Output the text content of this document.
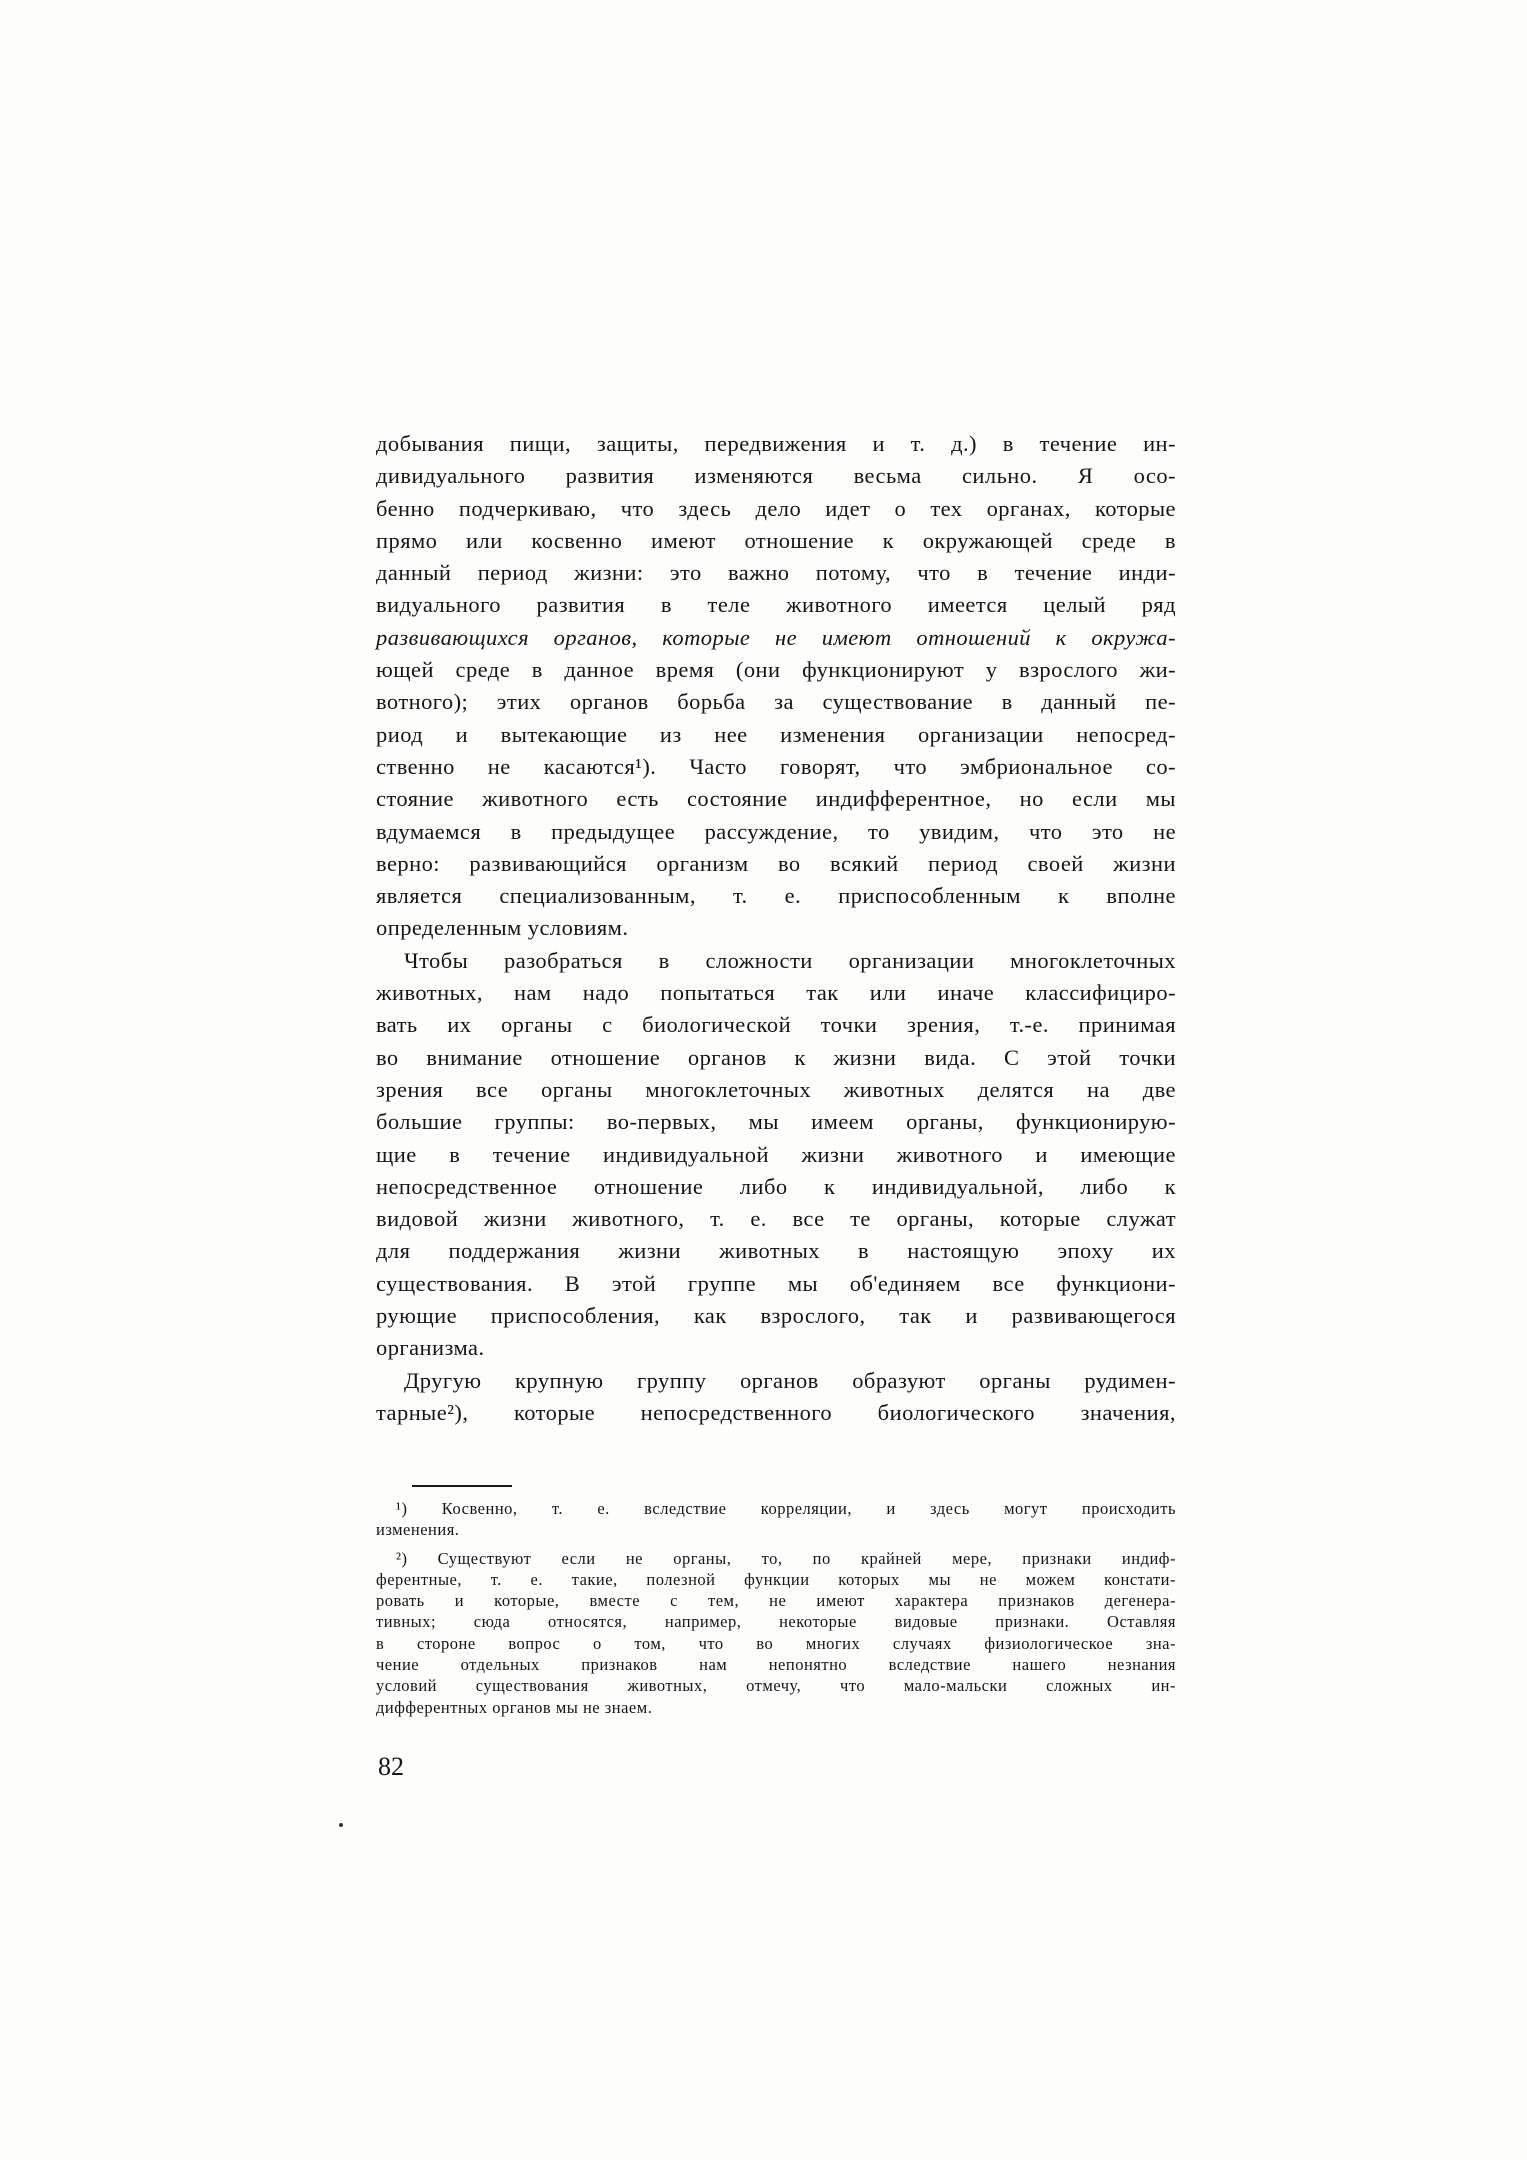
добывания пищи, защиты, передвижения и т. д.) в течение ин-
дивидуального развития изменяются весьма сильно. Я осо-
бенно подчеркиваю, что здесь дело идет о тех органах, которые
прямо или косвенно имеют отношение к окружающей среде в
данный период жизни: это важно потому, что в течение инди-
видуального развития в теле животного имеется целый ряд
развивающихся органов, которые не имеют отношений к окружа-
ющей среде в данное время (они функционируют у взрослого жи-
вотного); этих органов борьба за существование в данный пе-
риод и вытекающие из нее изменения организации непосред-
ственно не касаются¹). Часто говорят, что эмбриональное со-
стояние животного есть состояние индифферентное, но если мы
вдумаемся в предыдущее рассуждение, то увидим, что это не
верно: развивающийся организм во всякий период своей жизни
является специализованным, т. е. приспособленным к вполне
определенным условиям.
Чтобы разобраться в сложности организации многоклеточных
животных, нам надо попытаться так или иначе классифициро-
вать их органы с биологической точки зрения, т.-е. принимая
во внимание отношение органов к жизни вида. С этой точки
зрения все органы многоклеточных животных делятся на две
большие группы: во-первых, мы имеем органы, функционирую-
щие в течение индивидуальной жизни животного и имеющие
непосредственное отношение либо к индивидуальной, либо к
видовой жизни животного, т. е. все те органы, которые служат
для поддержания жизни животных в настоящую эпоху их
существования. В этой группе мы об'единяем все функциони-
рующие приспособления, как взрослого, так и развивающегося
организма.
Другую крупную группу органов образуют органы рудимен-
тарные²), которые непосредственного биологического значения,
¹) Косвенно, т. е. вследствие корреляции, и здесь могут происходить
изменения.
²) Существуют если не органы, то, по крайней мере, признаки индиф-
ферентные, т. е. такие, полезной функции которых мы не можем констати-
ровать и которые, вместе с тем, не имеют характера признаков дегенера-
тивных; сюда относятся, например, некоторые видовые признаки. Оставляя
в стороне вопрос о том, что во многих случаях физиологическое зна-
чение отдельных признаков нам непонятно вследствие нашего незнания
условий существования животных, отмечу, что мало-мальски сложных ин-
дифферентных органов мы не знаем.
82
